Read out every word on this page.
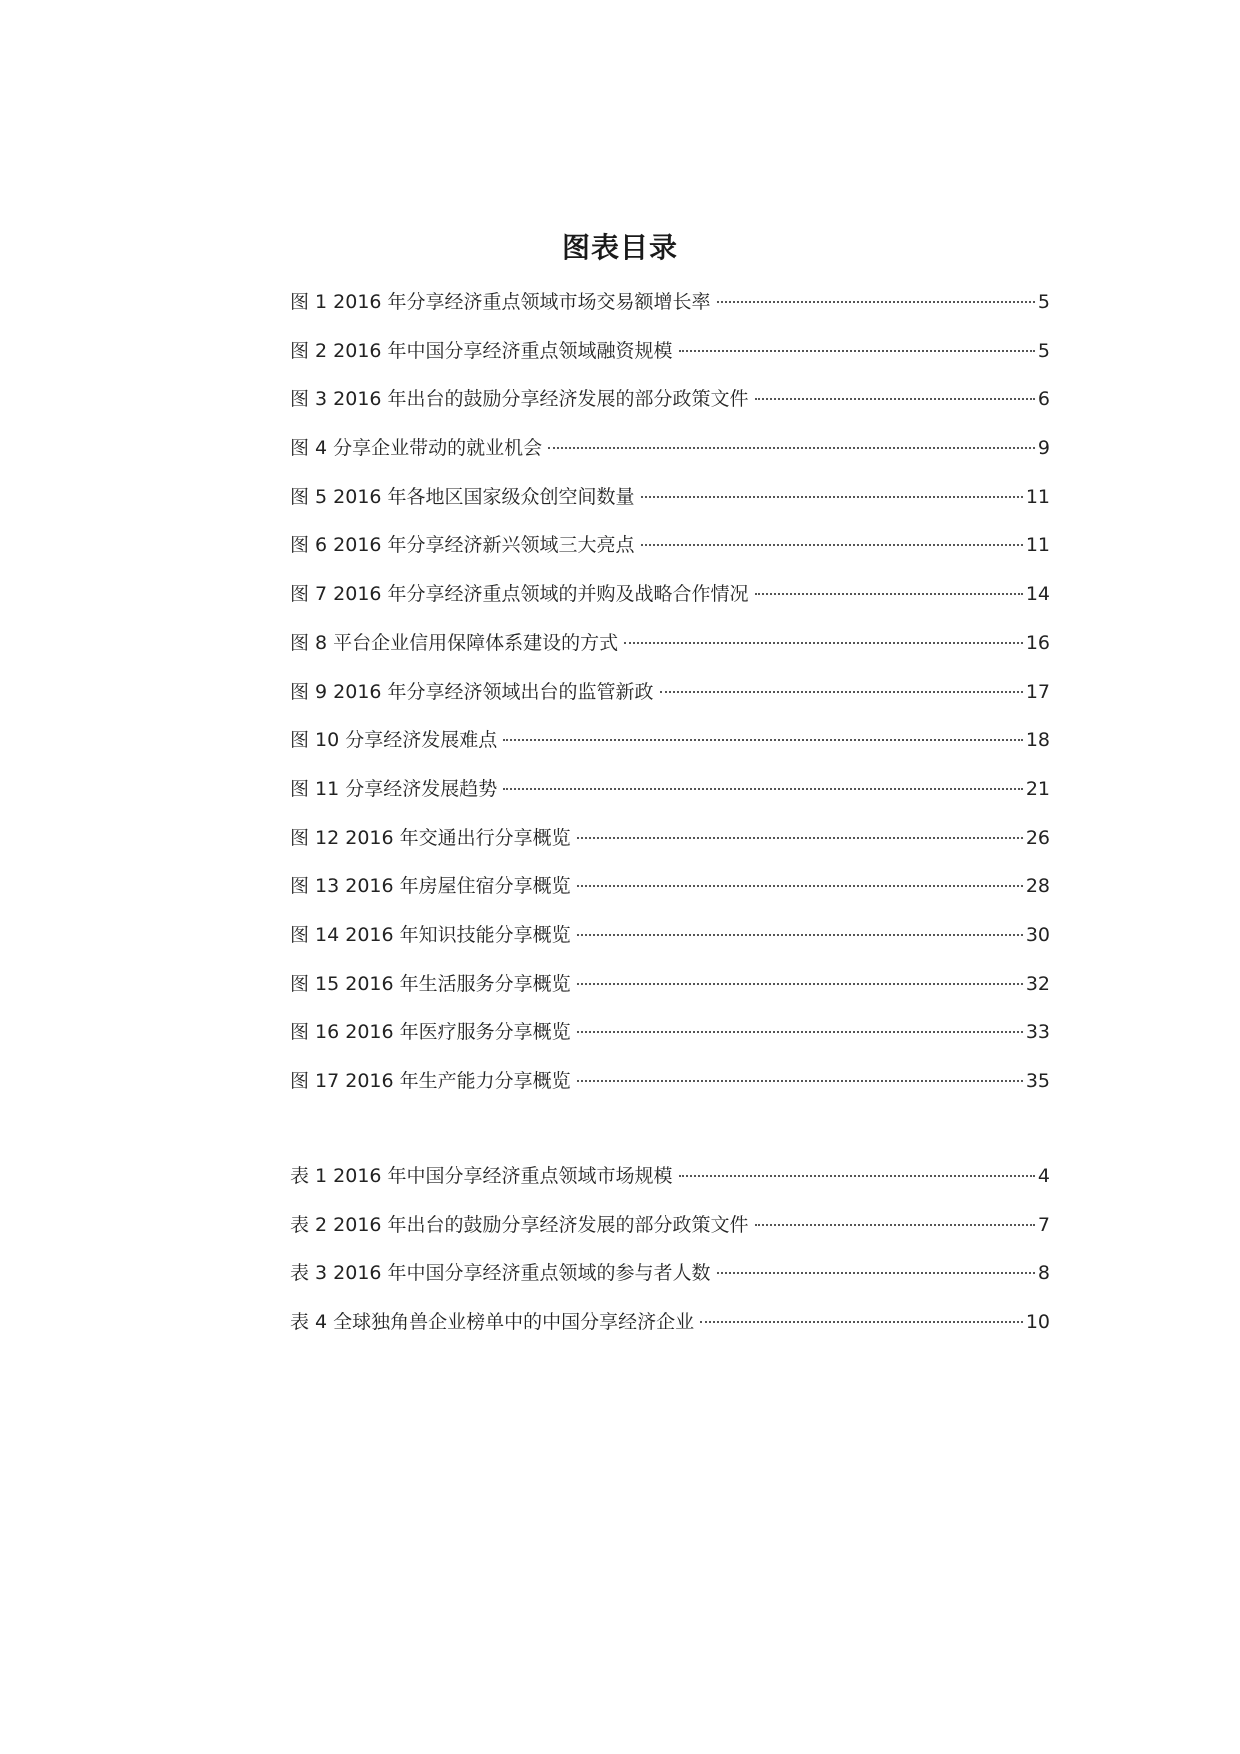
图表目录
图 1 2016 年分享经济重点领域市场交易额增长率	5
图 2 2016 年中国分享经济重点领域融资规模	5
图 3 2016 年出台的鼓励分享经济发展的部分政策文件	6
图 4 分享企业带动的就业机会	9
图 5 2016 年各地区国家级众创空间数量	11
图 6 2016 年分享经济新兴领域三大亮点	11
图 7 2016 年分享经济重点领域的并购及战略合作情况	14
图 8 平台企业信用保障体系建设的方式	16
图 9 2016 年分享经济领域出台的监管新政	17
图 10 分享经济发展难点	18
图 11 分享经济发展趋势	21
图 12 2016 年交通出行分享概览	26
图 13 2016 年房屋住宿分享概览	28
图 14 2016 年知识技能分享概览	30
图 15 2016 年生活服务分享概览	32
图 16 2016 年医疗服务分享概览	33
图 17 2016 年生产能力分享概览	35
表 1 2016 年中国分享经济重点领域市场规模	4
表 2 2016 年出台的鼓励分享经济发展的部分政策文件	7
表 3 2016 年中国分享经济重点领域的参与者人数	8
表 4 全球独角兽企业榜单中的中国分享经济企业	10
